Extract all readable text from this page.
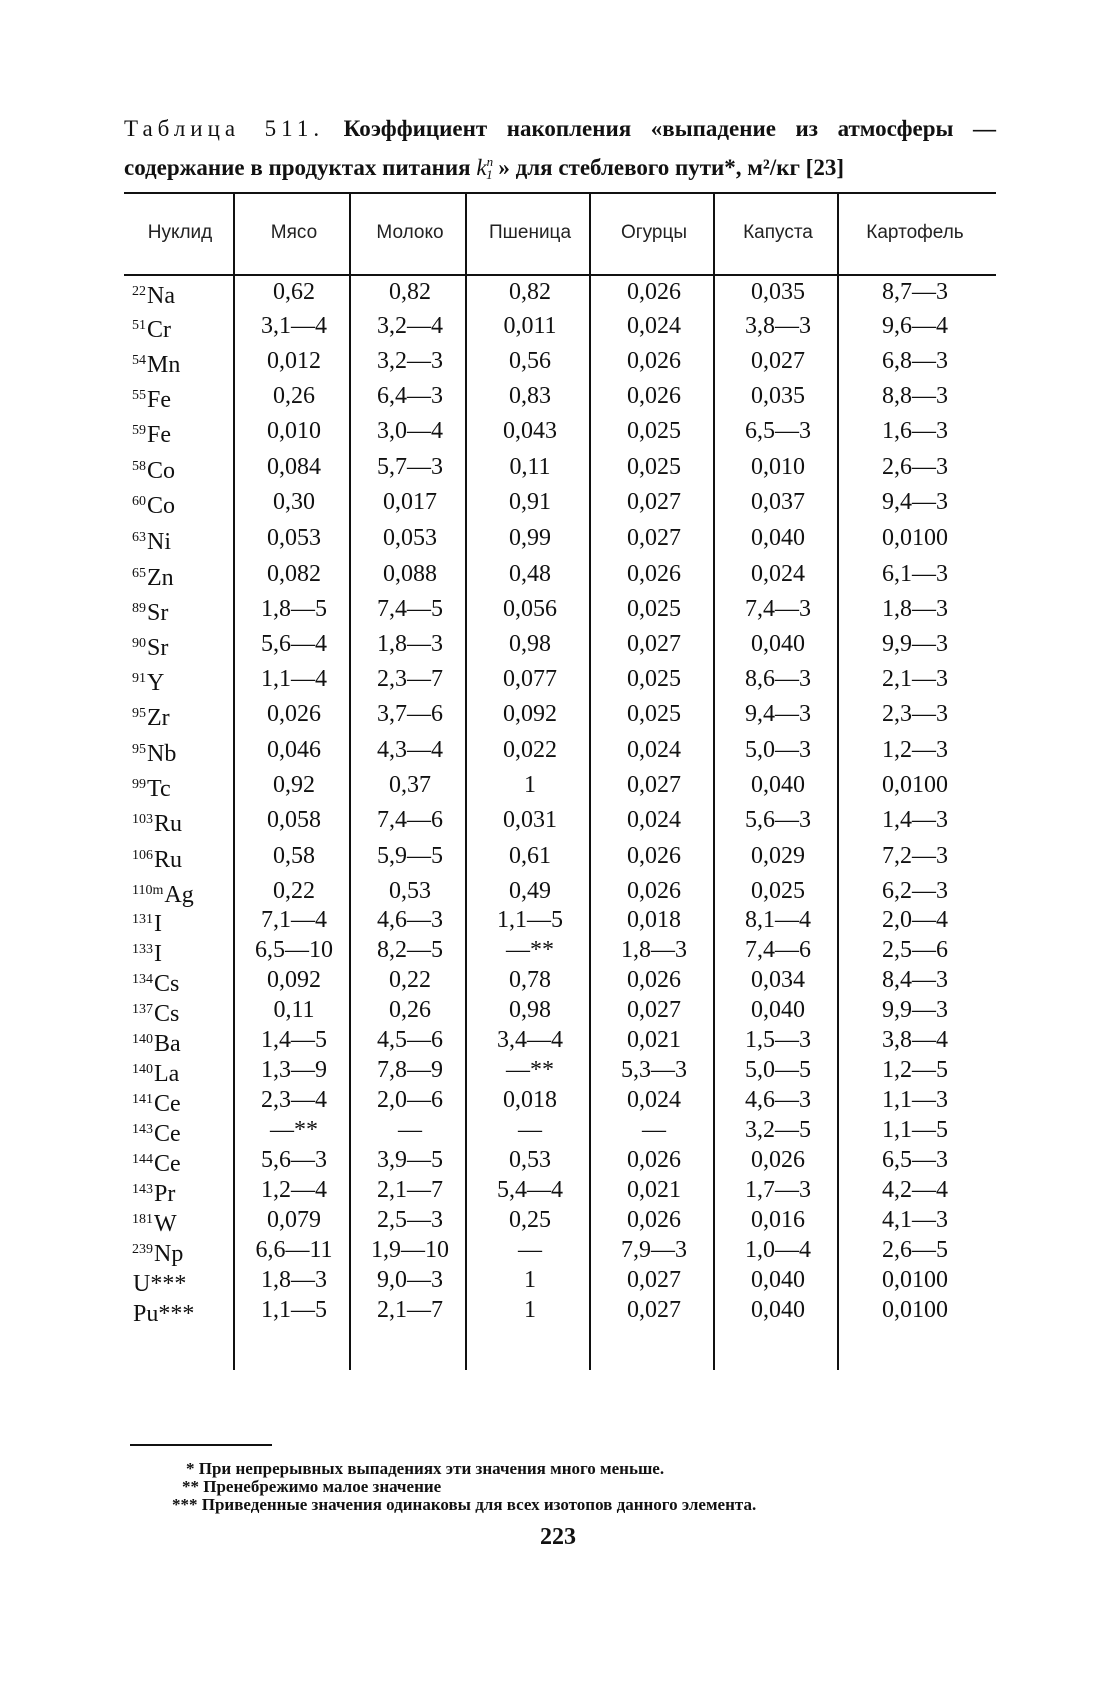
Таблица 511. Коэффициент накопления «выпадение из атмосферы — содержание в продуктах питания $k^n_1$ » для стеблевого пути*, м²/кг [23]
Нуклид	Мясо	Молоко	Пшеница	Огурцы	Капуста	Картофель
$^{22}$Na	0,62	0,82	0,82	0,026	0,035	8,7—3
$^{51}$Cr	3,1—4	3,2—4	0,011	0,024	3,8—3	9,6—4
$^{54}$Mn	0,012	3,2—3	0,56	0,026	0,027	6,8—3
$^{55}$Fe	0,26	6,4—3	0,83	0,026	0,035	8,8—3
$^{59}$Fe	0,010	3,0—4	0,043	0,025	6,5—3	1,6—3
$^{58}$Co	0,084	5,7—3	0,11	0,025	0,010	2,6—3
$^{60}$Co	0,30	0,017	0,91	0,027	0,037	9,4—3
$^{63}$Ni	0,053	0,053	0,99	0,027	0,040	0,0100
$^{65}$Zn	0,082	0,088	0,48	0,026	0,024	6,1—3
$^{89}$Sr	1,8—5	7,4—5	0,056	0,025	7,4—3	1,8—3
$^{90}$Sr	5,6—4	1,8—3	0,98	0,027	0,040	9,9—3
$^{91}$Y	1,1—4	2,3—7	0,077	0,025	8,6—3	2,1—3
$^{95}$Zr	0,026	3,7—6	0,092	0,025	9,4—3	2,3—3
$^{95}$Nb	0,046	4,3—4	0,022	0,024	5,0—3	1,2—3
$^{99}$Tc	0,92	0,37	1	0,027	0,040	0,0100
$^{103}$Ru	0,058	7,4—6	0,031	0,024	5,6—3	1,4—3
$^{106}$Ru	0,58	5,9—5	0,61	0,026	0,029	7,2—3
$^{110m}$Ag	0,22	0,53	0,49	0,026	0,025	6,2—3
$^{131}$I	7,1—4	4,6—3	1,1—5	0,018	8,1—4	2,0—4
$^{133}$I	6,5—10	8,2—5	—**	1,8—3	7,4—6	2,5—6
$^{134}$Cs	0,092	0,22	0,78	0,026	0,034	8,4—3
$^{137}$Cs	0,11	0,26	0,98	0,027	0,040	9,9—3
$^{140}$Ba	1,4—5	4,5—6	3,4—4	0,021	1,5—3	3,8—4
$^{140}$La	1,3—9	7,8—9	—**	5,3—3	5,0—5	1,2—5
$^{141}$Ce	2,3—4	2,0—6	0,018	0,024	4,6—3	1,1—3
$^{143}$Ce	—**	—	—	—	3,2—5	1,1—5
$^{144}$Ce	5,6—3	3,9—5	0,53	0,026	0,026	6,5—3
$^{143}$Pr	1,2—4	2,1—7	5,4—4	0,021	1,7—3	4,2—4
$^{181}$W	0,079	2,5—3	0,25	0,026	0,016	4,1—3
$^{239}$Np	6,6—11	1,9—10	—	7,9—3	1,0—4	2,6—5
U***	1,8—3	9,0—3	1	0,027	0,040	0,0100
Pu***	1,1—5	2,1—7	1	0,027	0,040	0,0100
* При непрерывных выпадениях эти значения много меньше.
** Пренебрежимо малое значение
*** Приведенные значения одинаковы для всех изотопов данного элемента.
223
